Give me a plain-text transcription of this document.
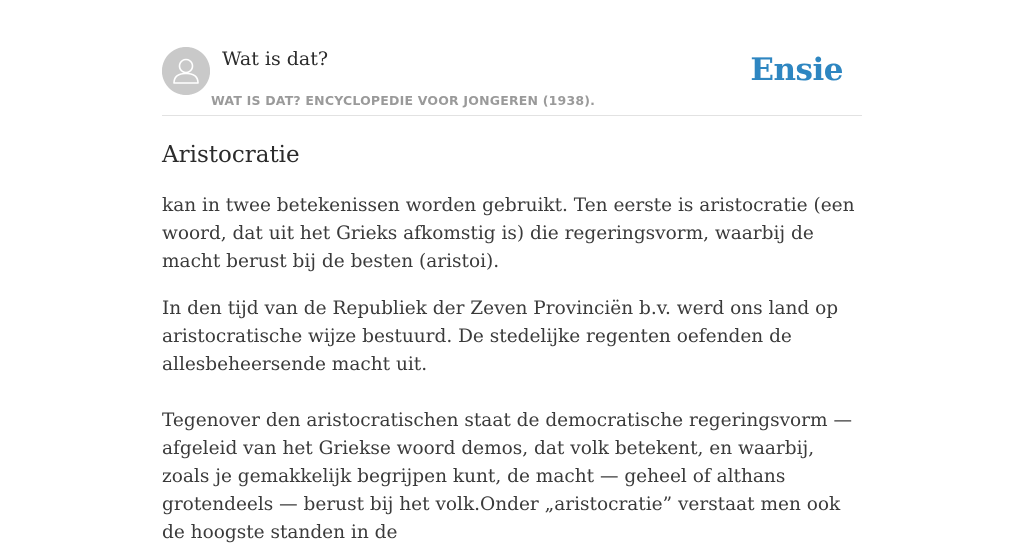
Wat is dat?
WAT IS DAT? ENCYCLOPEDIE VOOR JONGEREN (1938).
Ensie
Aristocratie

kan in twee betekenissen worden gebruikt. Ten eerste is aristocratie (een woord, dat uit het Grieks afkomstig is) die regeringsvorm, waarbij de macht berust bij de besten (aristoi).

In den tijd van de Republiek der Zeven Provinciën b.v. werd ons land op aristocratische wijze bestuurd. De stedelijke regenten oefenden de allesbeheersende macht uit.

Tegenover den aristocratischen staat de democratische regeringsvorm — afgeleid van het Griekse woord demos, dat volk betekent, en waarbij, zoals je gemakkelijk begrijpen kunt, de macht — geheel of althans grotendeels — berust bij het volk.Onder „aristocratie” verstaat men ook de hoogste standen in de
